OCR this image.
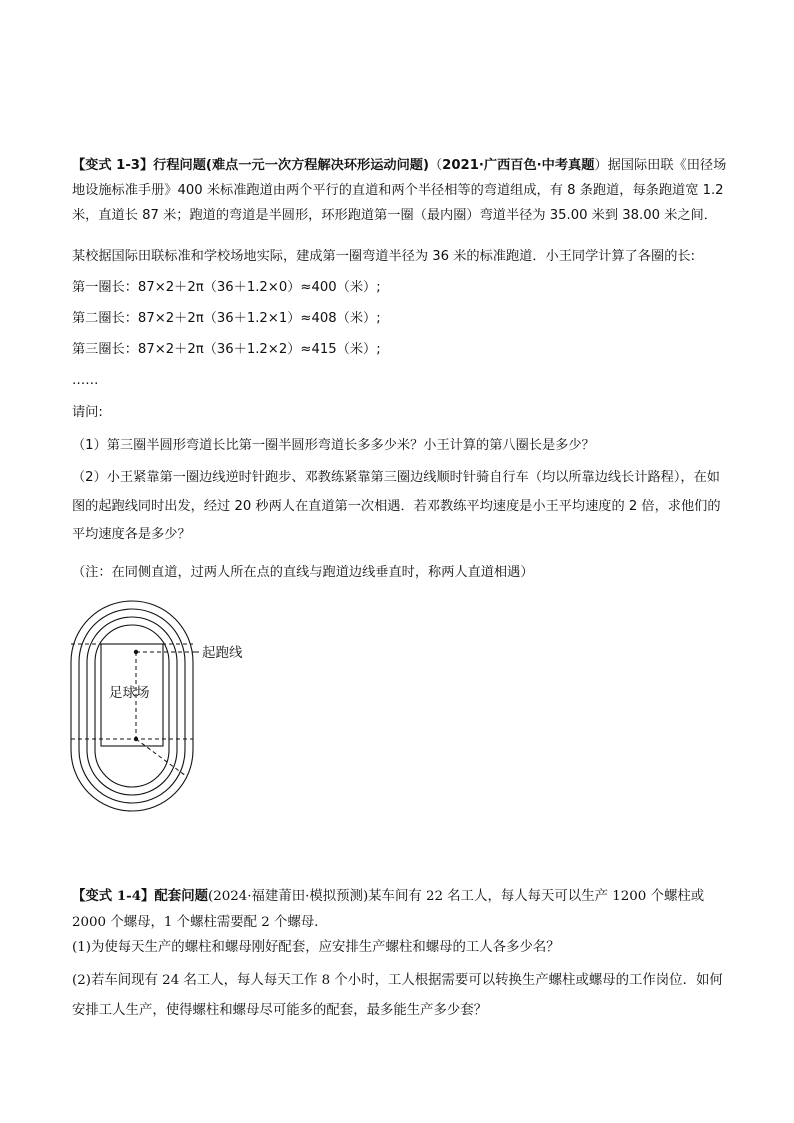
【变式 1-3】行程问题(难点一元一次方程解决环形运动问题)（2021·广西百色·中考真题）据国际田联《田径场地设施标准手册》400 米标准跑道由两个平行的直道和两个半径相等的弯道组成，有 8 条跑道，每条跑道宽 1.2 米，直道长 87 米；跑道的弯道是半圆形，环形跑道第一圈（最内圈）弯道半径为 35.00 米到 38.00 米之间．
某校据国际田联标准和学校场地实际，建成第一圈弯道半径为 36 米的标准跑道．小王同学计算了各圈的长:
第一圈长：87×2＋2π（36＋1.2×0）≈400（米）;
第二圈长：87×2＋2π（36＋1.2×1）≈408（米）;
第三圈长：87×2＋2π（36＋1.2×2）≈415（米）;
……
请问:
（1）第三圈半圆形弯道长比第一圈半圆形弯道长多多少米？小王计算的第八圈长是多少？
（2）小王紧靠第一圈边线逆时针跑步、邓教练紧靠第三圈边线顺时针骑自行车（均以所靠边线长计路程），在如图的起跑线同时出发，经过 20 秒两人在直道第一次相遇．若邓教练平均速度是小王平均速度的 2 倍，求他们的平均速度各是多少？
（注：在同侧直道，过两人所在点的直线与跑道边线垂直时，称两人直道相遇）
起跑线
足球场
【变式 1-4】配套问题(2024·福建莆田·模拟预测)某车间有 22 名工人，每人每天可以生产 1200 个螺柱或 2000 个螺母，1 个螺柱需要配 2 个螺母．
(1)为使每天生产的螺柱和螺母刚好配套，应安排生产螺柱和螺母的工人各多少名？
(2)若车间现有 24 名工人，每人每天工作 8 个小时，工人根据需要可以转换生产螺柱或螺母的工作岗位．如何安排工人生产，使得螺柱和螺母尽可能多的配套，最多能生产多少套？
